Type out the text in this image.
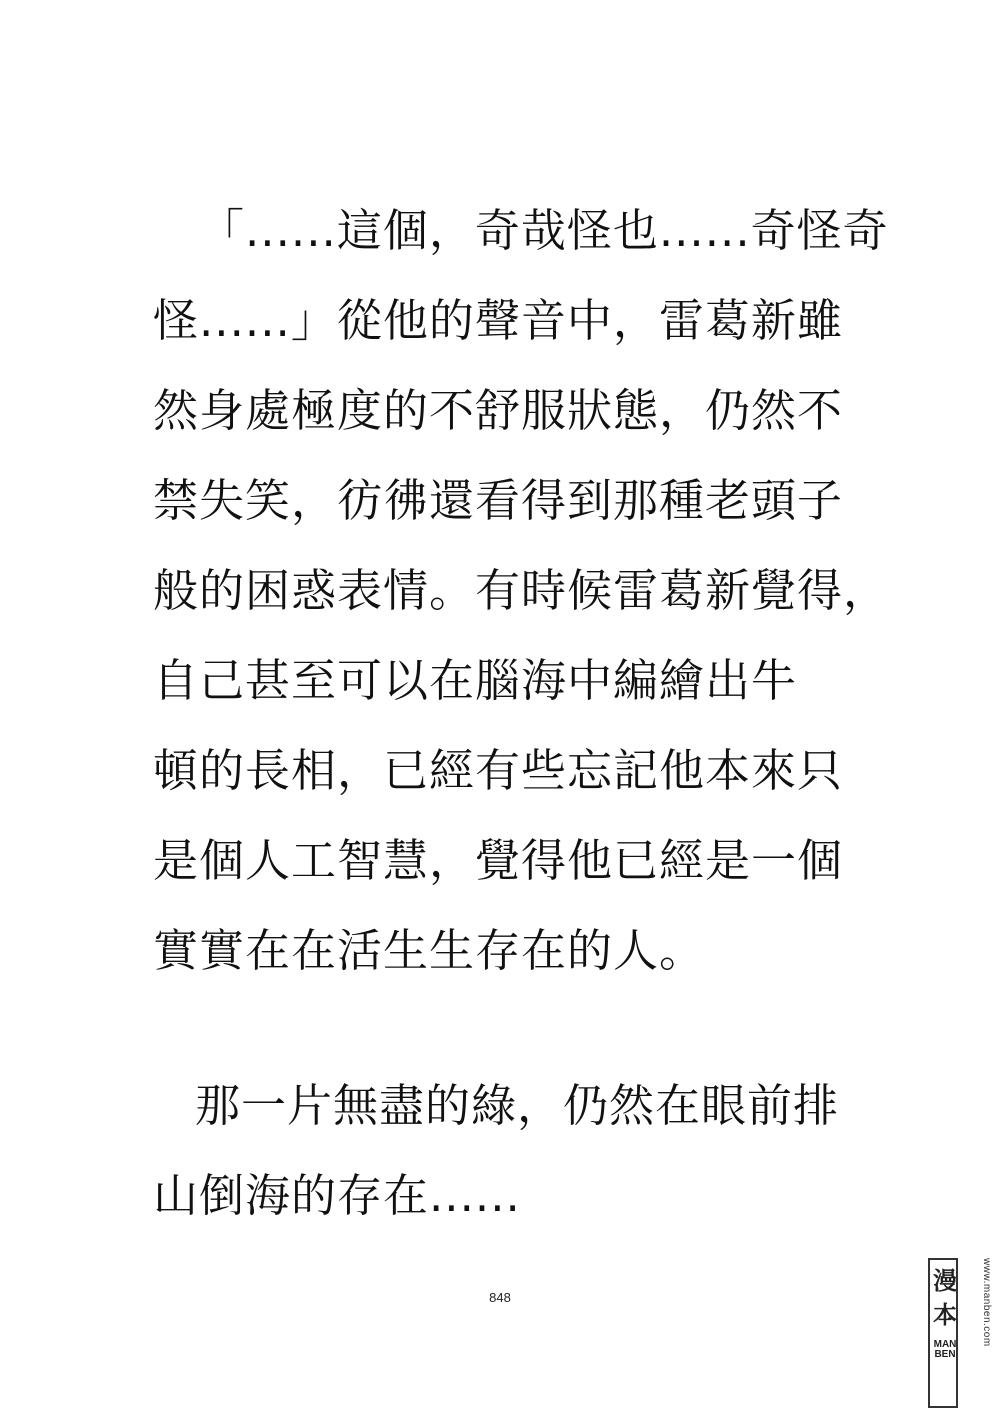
「......這個，奇哉怪也......奇怪奇
怪......」從他的聲音中，雷葛新雖
然身處極度的不舒服狀態，仍然不
禁失笑，彷彿還看得到那種老頭子
般的困惑表情。有時候雷葛新覺得，
自己甚至可以在腦海中編繪出牛
頓的長相，已經有些忘記他本來只
是個人工智慧，覺得他已經是一個
實實在在活生生存在的人。
那一片無盡的綠，仍然在眼前排
山倒海的存在......
848
漫本
MANBEN
www.manben.com
